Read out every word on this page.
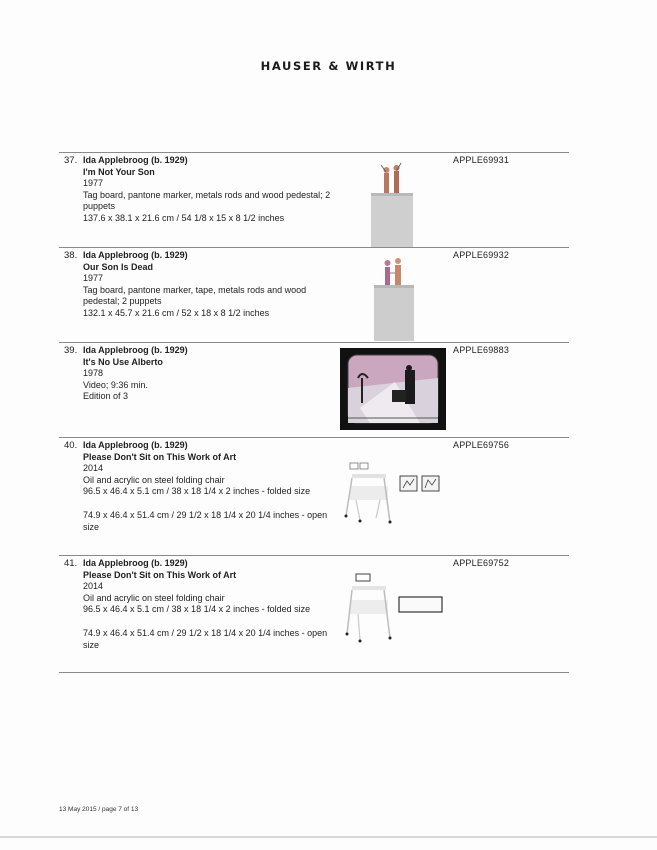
HAUSER & WIRTH
37. Ida Applebroog (b. 1929)
I'm Not Your Son
1977
Tag board, pantone marker, metals rods and wood pedestal; 2 puppets
137.6 x 38.1 x 21.6 cm / 54 1/8 x 15 x 8 1/2 inches
APPLE69931
38. Ida Applebroog (b. 1929)
Our Son Is Dead
1977
Tag board, pantone marker, tape, metals rods and wood pedestal; 2 puppets
132.1 x 45.7 x 21.6 cm / 52 x 18 x 8 1/2 inches
APPLE69932
39. Ida Applebroog (b. 1929)
It's No Use Alberto
1978
Video; 9:36 min.
Edition of 3
APPLE69883
40. Ida Applebroog (b. 1929)
Please Don't Sit on This Work of Art
2014
Oil and acrylic on steel folding chair
96.5 x 46.4 x 5.1 cm / 38 x 18 1/4 x 2 inches - folded size
74.9 x 46.4 x 51.4 cm / 29 1/2 x 18 1/4 x 20 1/4 inches - open size
APPLE69756
41. Ida Applebroog (b. 1929)
Please Don't Sit on This Work of Art
2014
Oil and acrylic on steel folding chair
96.5 x 46.4 x 5.1 cm / 38 x 18 1/4 x 2 inches - folded size
74.9 x 46.4 x 51.4 cm / 29 1/2 x 18 1/4 x 20 1/4 inches - open size
APPLE69752
13 May 2015 / page 7 of 13
